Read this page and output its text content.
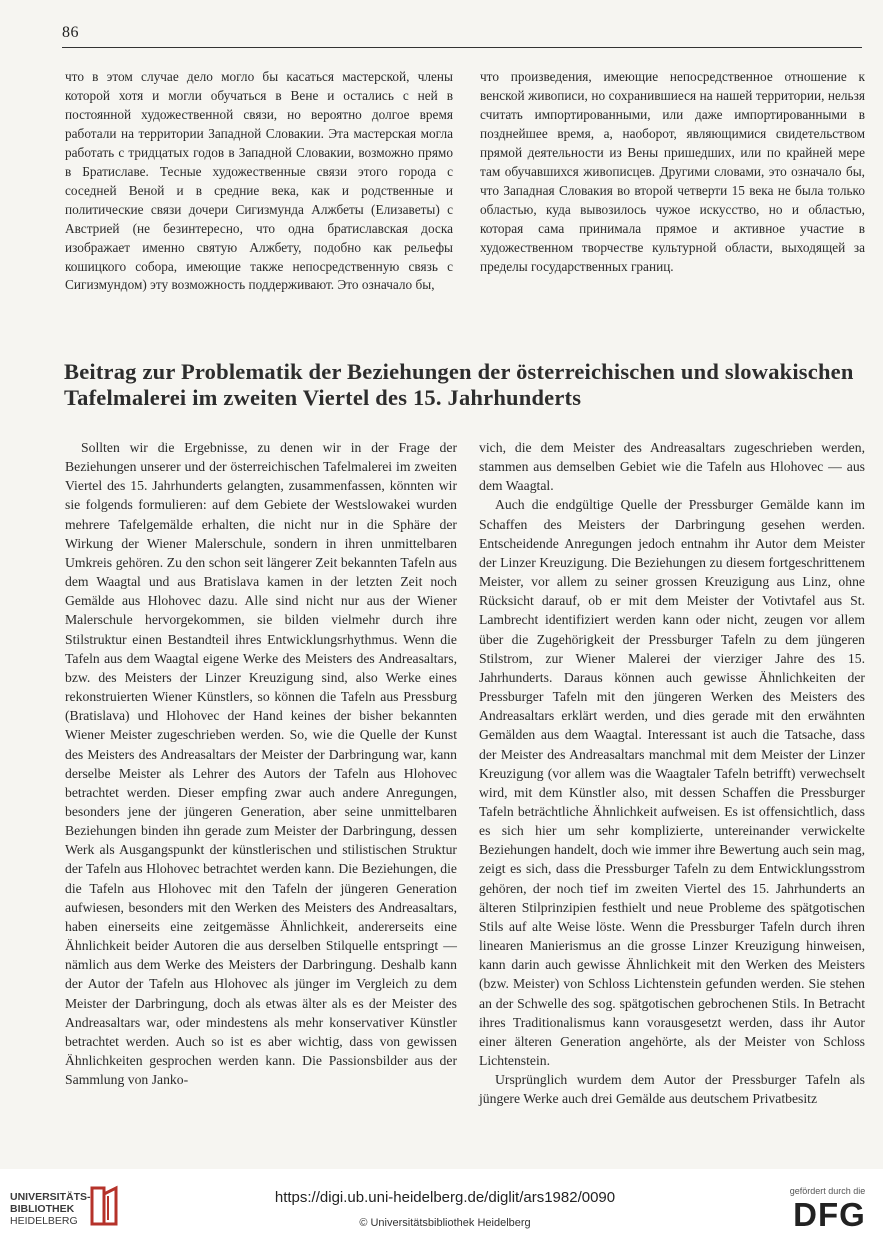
86

что в этом случае дело могло бы касаться мастерской, члены которой хотя и могли обучаться в Вене и остались с ней в постоянной художественной связи, но вероятно долгое время работали на территории Западной Словакии. Эта мастерская могла работать с тридцатых годов в Западной Словакии, возможно прямо в Братиславе. Тесные художественные связи этого города с соседней Веной и в средние века, как и родственные и политические связи дочери Сигизмунда Алжбеты (Елизаветы) с Австрией (не безинтересно, что одна братиславская доска изображает именно святую Алжбету, подобно как рельефы кошицкого собора, имеющие также непосредственную связь с Сигизмундом) эту возможность поддерживают. Это означало бы,

что произведения, имеющие непосредственное отношение к венской живописи, но сохранившиеся на нашей территории, нельзя считать импортированными, или даже импортированными в позднейшее время, а, наоборот, являющимися свидетельством прямой деятельности из Вены пришедших, или по крайней мере там обучавшихся живописцев. Другими словами, это означало бы, что Западная Словакия во второй четверти 15 века не была только областью, куда вывозилось чужое искусство, но и областью, которая сама принимала прямое и активное участие в художественном творчестве культурной области, выходящей за пределы государственных границ.

Beitrag zur Problematik der Beziehungen der österreichischen und slowakischen Tafelmalerei im zweiten Viertel des 15. Jahrhunderts

Sollten wir die Ergebnisse, zu denen wir in der Frage der Beziehungen unserer und der österreichischen Tafelmalerei im zweiten Viertel des 15. Jahrhunderts gelangten, zusammenfassen, könnten wir sie folgends formulieren: auf dem Gebiete der Westslowakei wurden mehrere Tafelgemälde erhalten, die nicht nur in die Sphäre der Wirkung der Wiener Malerschule, sondern in ihren unmittelbaren Umkreis gehören. Zu den schon seit längerer Zeit bekannten Tafeln aus dem Waagtal und aus Bratislava kamen in der letzten Zeit noch Gemälde aus Hlohovec dazu. Alle sind nicht nur aus der Wiener Malerschule hervorgekommen, sie bilden vielmehr durch ihre Stilstruktur einen Bestandteil ihres Entwicklungsrhythmus. Wenn die Tafeln aus dem Waagtal eigene Werke des Meisters des Andreasaltars, bzw. des Meisters der Linzer Kreuzigung sind, also Werke eines rekonstruierten Wiener Künstlers, so können die Tafeln aus Pressburg (Bratislava) und Hlohovec der Hand keines der bisher bekannten Wiener Meister zugeschrieben werden. So, wie die Quelle der Kunst des Meisters des Andreasaltars der Meister der Darbringung war, kann derselbe Meister als Lehrer des Autors der Tafeln aus Hlohovec betrachtet werden. Dieser empfing zwar auch andere Anregungen, besonders jene der jüngeren Generation, aber seine unmittelbaren Beziehungen binden ihn gerade zum Meister der Darbringung, dessen Werk als Ausgangspunkt der künstlerischen und stilistischen Struktur der Tafeln aus Hlohovec betrachtet werden kann. Die Beziehungen, die die Tafeln aus Hlohovec mit den Tafeln der jüngeren Generation aufwiesen, besonders mit den Werken des Meisters des Andreasaltars, haben einerseits eine zeitgemässe Ähnlichkeit, andererseits eine Ähnlichkeit beider Autoren die aus derselben Stilquelle entspringt — nämlich aus dem Werke des Meisters der Darbringung. Deshalb kann der Autor der Tafeln aus Hlohovec als jünger im Vergleich zu dem Meister der Darbringung, doch als etwas älter als es der Meister des Andreasaltars war, oder mindestens als mehr konservativer Künstler betrachtet werden. Auch so ist es aber wichtig, dass von gewissen Ähnlichkeiten gesprochen werden kann. Die Passionsbilder aus der Sammlung von Janko-

vich, die dem Meister des Andreasaltars zugeschrieben werden, stammen aus demselben Gebiet wie die Tafeln aus Hlohovec — aus dem Waagtal.

Auch die endgültige Quelle der Pressburger Gemälde kann im Schaffen des Meisters der Darbringung gesehen werden. Entscheidende Anregungen jedoch entnahm ihr Autor dem Meister der Linzer Kreuzigung. Die Beziehungen zu diesem fortgeschrittenem Meister, vor allem zu seiner grossen Kreuzigung aus Linz, ohne Rücksicht darauf, ob er mit dem Meister der Votivtafel aus St. Lambrecht identifiziert werden kann oder nicht, zeugen vor allem über die Zugehörigkeit der Pressburger Tafeln zu dem jüngeren Stilstrom, zur Wiener Malerei der vierziger Jahre des 15. Jahrhunderts. Daraus können auch gewisse Ähnlichkeiten der Pressburger Tafeln mit den jüngeren Werken des Meisters des Andreasaltars erklärt werden, und dies gerade mit den erwähnten Gemälden aus dem Waagtal. Interessant ist auch die Tatsache, dass der Meister des Andreasaltars manchmal mit dem Meister der Linzer Kreuzigung (vor allem was die Waagtaler Tafeln betrifft) verwechselt wird, mit dem Künstler also, mit dessen Schaffen die Pressburger Tafeln beträchtliche Ähnlichkeit aufweisen. Es ist offensichtlich, dass es sich hier um sehr komplizierte, untereinander verwickelte Beziehungen handelt, doch wie immer ihre Bewertung auch sein mag, zeigt es sich, dass die Pressburger Tafeln zu dem Entwicklungsstrom gehören, der noch tief im zweiten Viertel des 15. Jahrhunderts an älteren Stilprinzipien festhielt und neue Probleme des spätgotischen Stils auf alte Weise löste. Wenn die Pressburger Tafeln durch ihren linearen Manierismus an die grosse Linzer Kreuzigung hinweisen, kann darin auch gewisse Ähnlichkeit mit den Werken des Meisters (bzw. Meister) von Schloss Lichtenstein gefunden werden. Sie stehen an der Schwelle des sog. spätgotischen gebrochenen Stils. In Betracht ihres Traditionalismus kann vorausgesetzt werden, dass ihr Autor einer älteren Generation angehörte, als der Meister von Schloss Lichtenstein.

Ursprünglich wurdem dem Autor der Pressburger Tafeln als jüngere Werke auch drei Gemälde aus deutschem Privatbesitz

UNIVERSITÄTS-
BIBLIOTHEK
HEIDELBERG
https://digi.ub.uni-heidelberg.de/diglit/ars1982/0090
© Universitätsbibliothek Heidelberg
gefördert durch die
DFG
